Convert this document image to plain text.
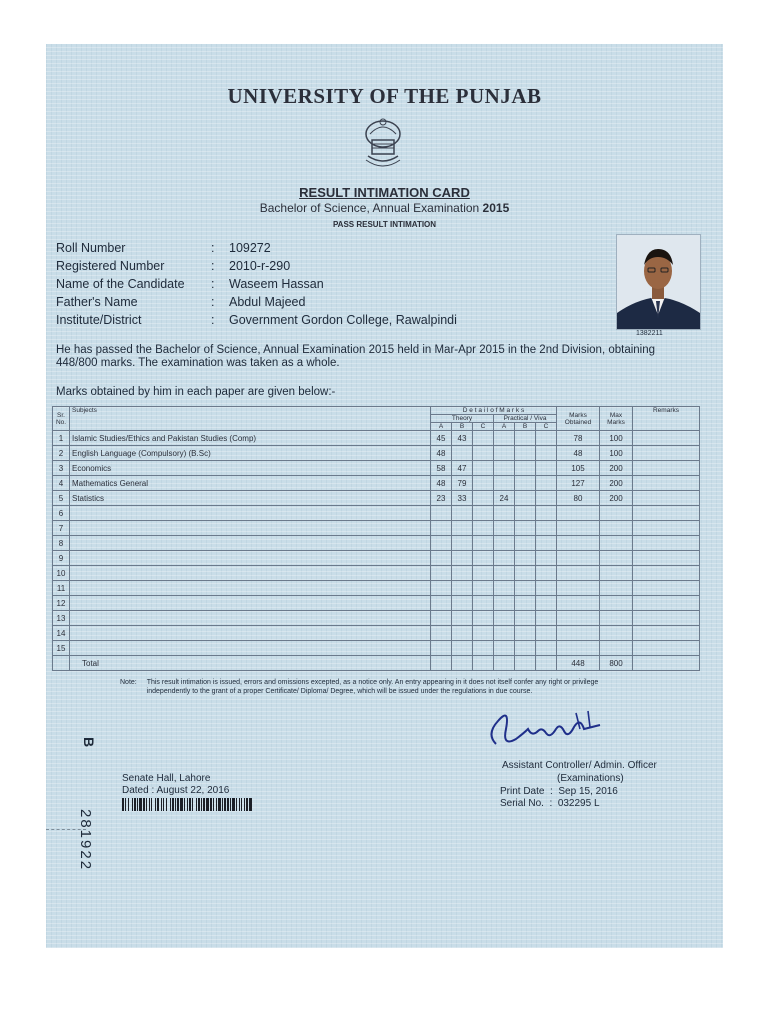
UNIVERSITY OF THE PUNJAB
RESULT INTIMATION CARD
Bachelor of Science, Annual Examination 2015
PASS RESULT INTIMATION
Roll Number	:	109272
Registered Number	:	2010-r-290
Name of the Candidate	:	Waseem Hassan
Father's Name	:	Abdul Majeed
Institute/District	:	Government Gordon College, Rawalpindi
1382211
He has passed the Bachelor of Science, Annual Examination 2015 held in Mar-Apr 2015 in the 2nd Division, obtaining 448/800 marks. The examination was taken as a whole.
Marks obtained by him in each paper are given below:-
Sr. No.	Subjects	D e t a i l o f M a r k s						Marks Obtained	Max Marks	Remarks
		Theory			Practical / Viva					
		A	B	C	A	B	C			
1	Islamic Studies/Ethics and Pakistan Studies (Comp)	45	43					78	100	
2	English Language (Compulsory) (B.Sc)	48						48	100	
3	Economics	58	47					105	200	
4	Mathematics General	48	79					127	200	
5	Statistics	23	33		24			80	200	
6										
7										
8										
9										
10										
11										
12										
13										
14										
15										
	Total							448	800	
Note: This result intimation is issued, errors and omissions excepted, as a notice only. An entry appearing in it does not itself confer any right or privilege independently to the grant of a proper Certificate/ Diploma/ Degree, which will be issued under the regulations in due course.
Assistant Controller/ Admin. Officer
(Examinations)
Print Date  :  Sep 15, 2016
Serial No.  :  032295 L
Senate Hall, Lahore
Dated : August 22, 2016
B
281922
